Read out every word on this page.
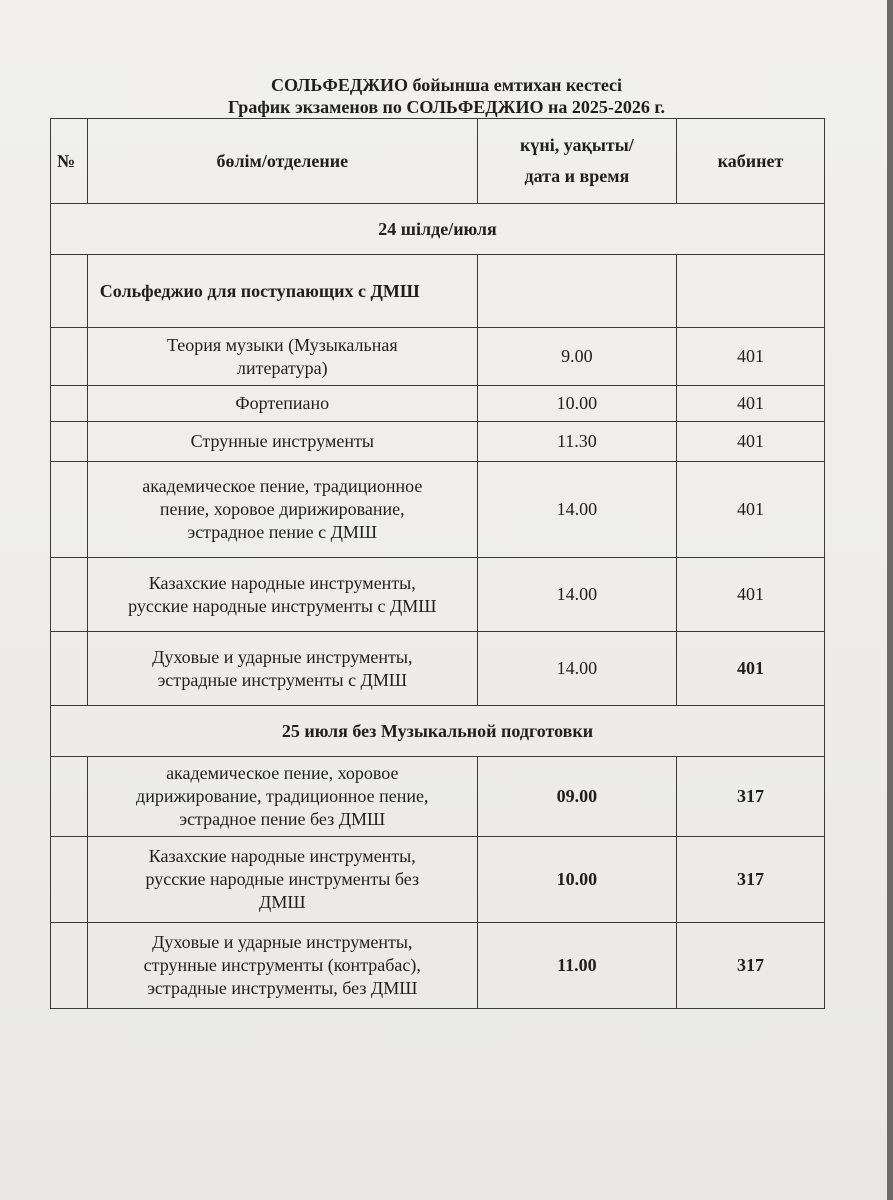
СОЛЬФЕДЖИО бойынша емтихан кестесі
График экзаменов по СОЛЬФЕДЖИО на 2025-2026 г.
№	бөлім/отделение	күні, уақыты/
дата и время	кабинет
24 шілде/июля			
	Сольфеджио для поступающих с ДМШ		
	Теория музыки (Музыкальная
литература)	9.00	401
	Фортепиано	10.00	401
	Струнные инструменты	11.30	401
	академическое пение, традиционное
пение, хоровое дирижирование,
эстрадное пение с ДМШ	14.00	401
	Казахские народные инструменты,
русские народные инструменты с ДМШ	14.00	401
	Духовые и ударные инструменты,
эстрадные инструменты с ДМШ	14.00	401
25 июля без Музыкальной подготовки			
	академическое пение, хоровое
дирижирование, традиционное пение,
эстрадное пение без ДМШ	09.00	317
	Казахские народные инструменты,
русские народные инструменты без
ДМШ	10.00	317
	Духовые и ударные инструменты,
струнные инструменты (контрабас),
эстрадные инструменты, без ДМШ	11.00	317
